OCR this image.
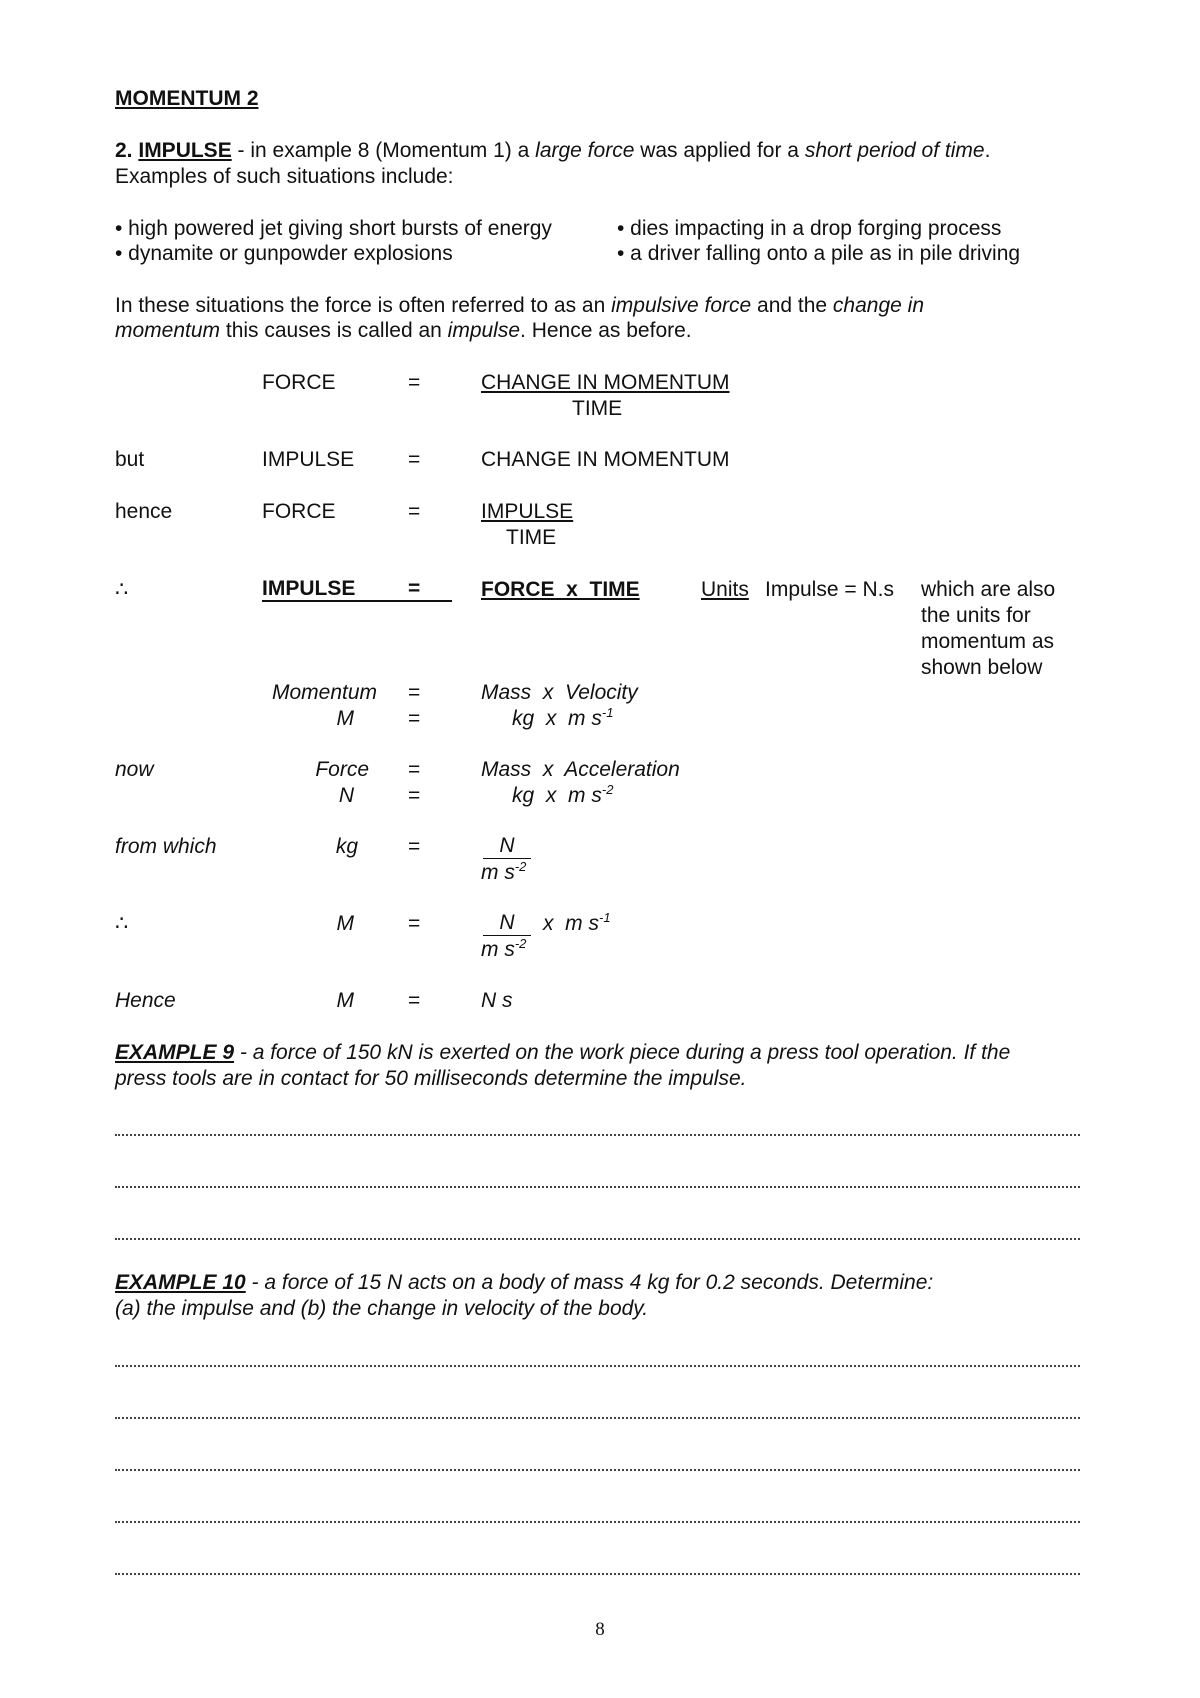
MOMENTUM 2
2. IMPULSE - in example 8 (Momentum 1) a large force was applied for a short period of time.
Examples of such situations include:
• high powered jet giving short bursts of energy	• dies impacting in a drop forging process
• dynamite or gunpowder explosions	• a driver falling onto a pile as in pile driving
In these situations the force is often referred to as an impulsive force and the change in
momentum this causes is called an impulse. Hence as before.
FORCE	=	CHANGE IN MOMENTUM
TIME
but	IMPULSE	=	CHANGE IN MOMENTUM
hence	FORCE	=	IMPULSE
TIME
∴	IMPULSE	=	FORCE  x  TIME	Units Impulse = N.s which are also
the units for
momentum as
shown below
Momentum =	Mass  x  Velocity
M	=	kg  x  m $s^{-1}$
now	Force =	Mass  x  Acceleration
N	=	kg  x  m $s^{-2}$
from which	kg =	N
m $s^{-2}$
∴	M	=	N	x  m $s^{-1}$
m $s^{-2}$
Hence	M	=	N s
EXAMPLE 9 - a force of 150 kN is exerted on the work piece during a press tool operation. If the
press tools are in contact for 50 milliseconds determine the impulse.
EXAMPLE 10 - a force of 15 N acts on a body of mass 4 kg for 0.2 seconds. Determine:
(a) the impulse and (b) the change in velocity of the body.
8
